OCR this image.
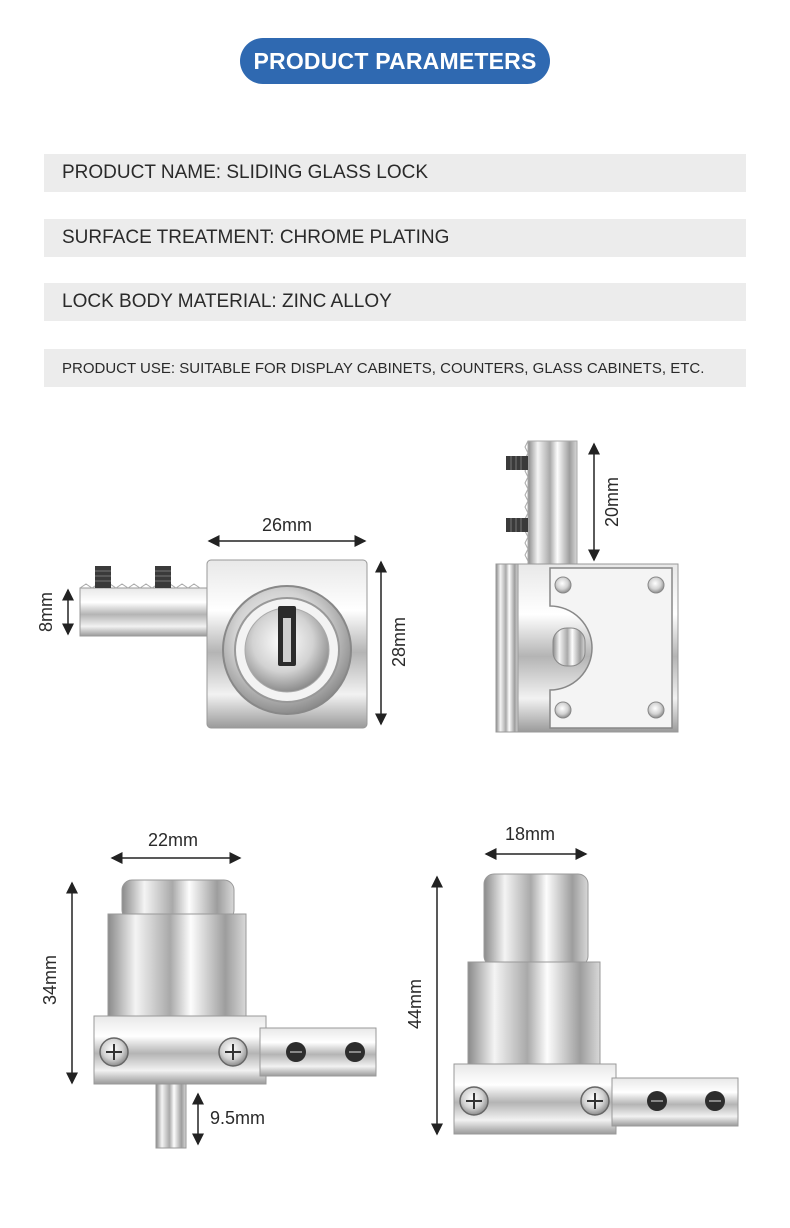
PRODUCT PARAMETERS
PRODUCT NAME: SLIDING GLASS LOCK
SURFACE TREATMENT: CHROME PLATING
LOCK BODY MATERIAL: ZINC ALLOY
PRODUCT USE: SUITABLE FOR DISPLAY CABINETS, COUNTERS, GLASS CABINETS, ETC.
26mm
28mm
8mm
20mm
22mm
34mm
9.5mm
18mm
44mm
